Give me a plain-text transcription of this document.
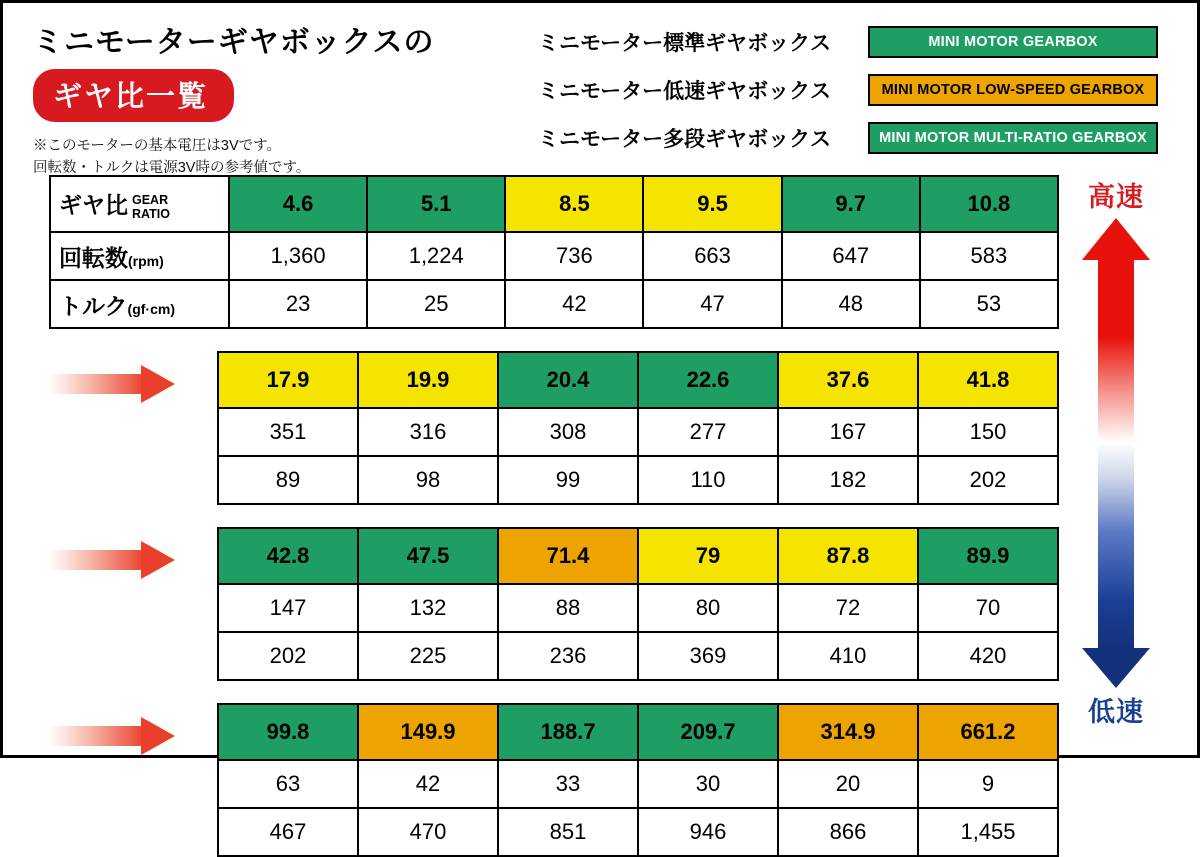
ミニモーターギヤボックスの
ギヤ比一覧
※このモーターの基本電圧は3Vです。
回転数・トルクは電源3V時の参考値です。
ミニモーター標準ギヤボックス	MINI MOTOR GEARBOX
ミニモーター低速ギヤボックス	MINI MOTOR LOW-SPEED GEARBOX
ミニモーター多段ギヤボックス	MINI MOTOR MULTI-RATIO GEARBOX
ギヤ比 GEAR
RATIO	4.6	5.1	8.5	9.5	9.7	10.8
回転数(rpm)	1,360	1,224	736	663	647	583
トルク(gf·cm)	23	25	42	47	48	53
17.9	19.9	20.4	22.6	37.6	41.8
351	316	308	277	167	150
89	98	99	110	182	202
42.8	47.5	71.4	79	87.8	89.9
147	132	88	80	72	70
202	225	236	369	410	420
99.8	149.9	188.7	209.7	314.9	661.2
63	42	33	30	20	9
467	470	851	946	866	1,455
高速
低速
